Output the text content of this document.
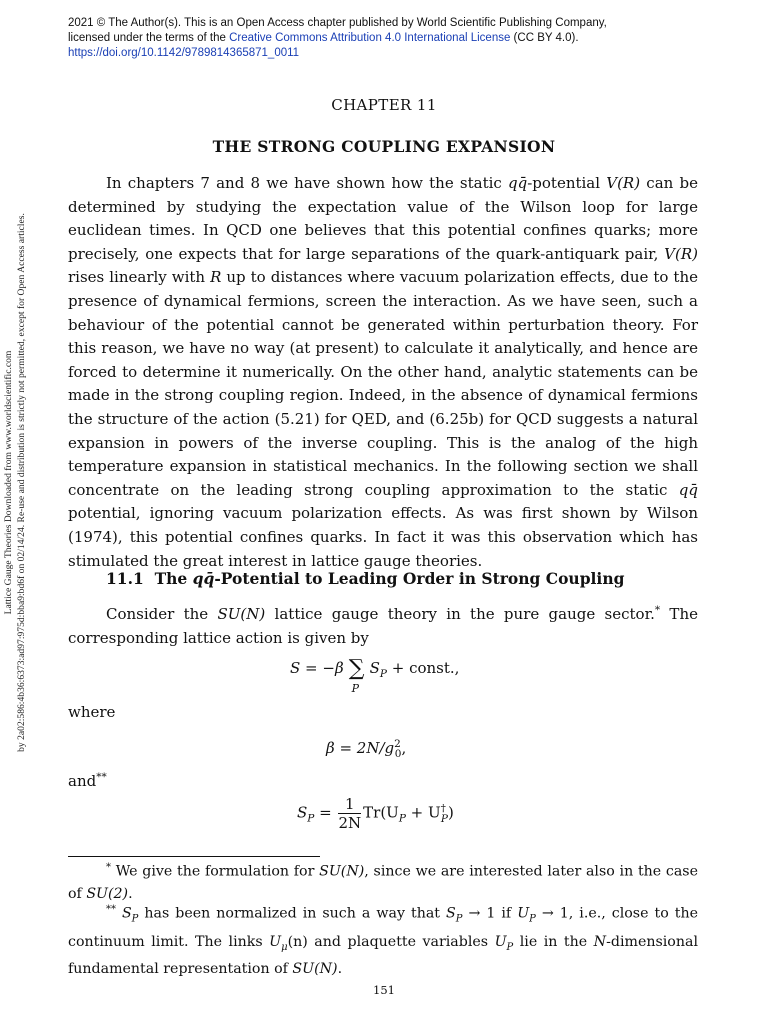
2021 © The Author(s). This is an Open Access chapter published by World Scientific Publishing Company,
licensed under the terms of the Creative Commons Attribution 4.0 International License (CC BY 4.0).
https://doi.org/10.1142/9789814365871_0011
Lattice Gauge Theories Downloaded from www.worldscientific.com by 2a02:586:4b36:6373:ad97:975d:bba9:bd6f on 02/14/24. Re-use and distribution is strictly not permitted, except for Open Access articles.
CHAPTER 11
THE STRONG COUPLING EXPANSION

In chapters 7 and 8 we have shown how the static qq̄-potential V(R) can be determined by studying the expectation value of the Wilson loop for large euclidean times. In QCD one believes that this potential confines quarks; more precisely, one expects that for large separations of the quark-antiquark pair, V(R) rises linearly with R up to distances where vacuum polarization effects, due to the presence of dynamical fermions, screen the interaction. As we have seen, such a behaviour of the potential cannot be generated within perturbation theory. For this reason, we have no way (at present) to calculate it analytically, and hence are forced to determine it numerically. On the other hand, analytic statements can be made in the strong coupling region. Indeed, in the absence of dynamical fermions the structure of the action (5.21) for QED, and (6.25b) for QCD suggests a natural expansion in powers of the inverse coupling. This is the analog of the high temperature expansion in statistical mechanics. In the following section we shall concentrate on the leading strong coupling approximation to the static qq̄ potential, ignoring vacuum polarization effects. As was first shown by Wilson (1974), this potential confines quarks. In fact it was this observation which has stimulated the great interest in lattice gauge theories.

11.1 The qq̄-Potential to Leading Order in Strong Coupling
Consider the SU(N) lattice gauge theory in the pure gauge sector.* The corresponding lattice action is given by
S = −β ∑
P
$S_P$ + const.,
where
$\beta = 2N/g^2_0$,
and**
$S_P = \frac{1}{2N} Tr(U_P + U^\dagger_P)$
* We give the formulation for SU(N), since we are interested later also in the case of SU(2).
** $S_P$ has been normalized in such a way that $S_P \to 1$ if $U_P \to 1$, i.e., close to the continuum limit. The links $U_\mu(n)$ and plaquette variables $U_P$ lie in the N-dimensional fundamental representation of SU(N).
151
